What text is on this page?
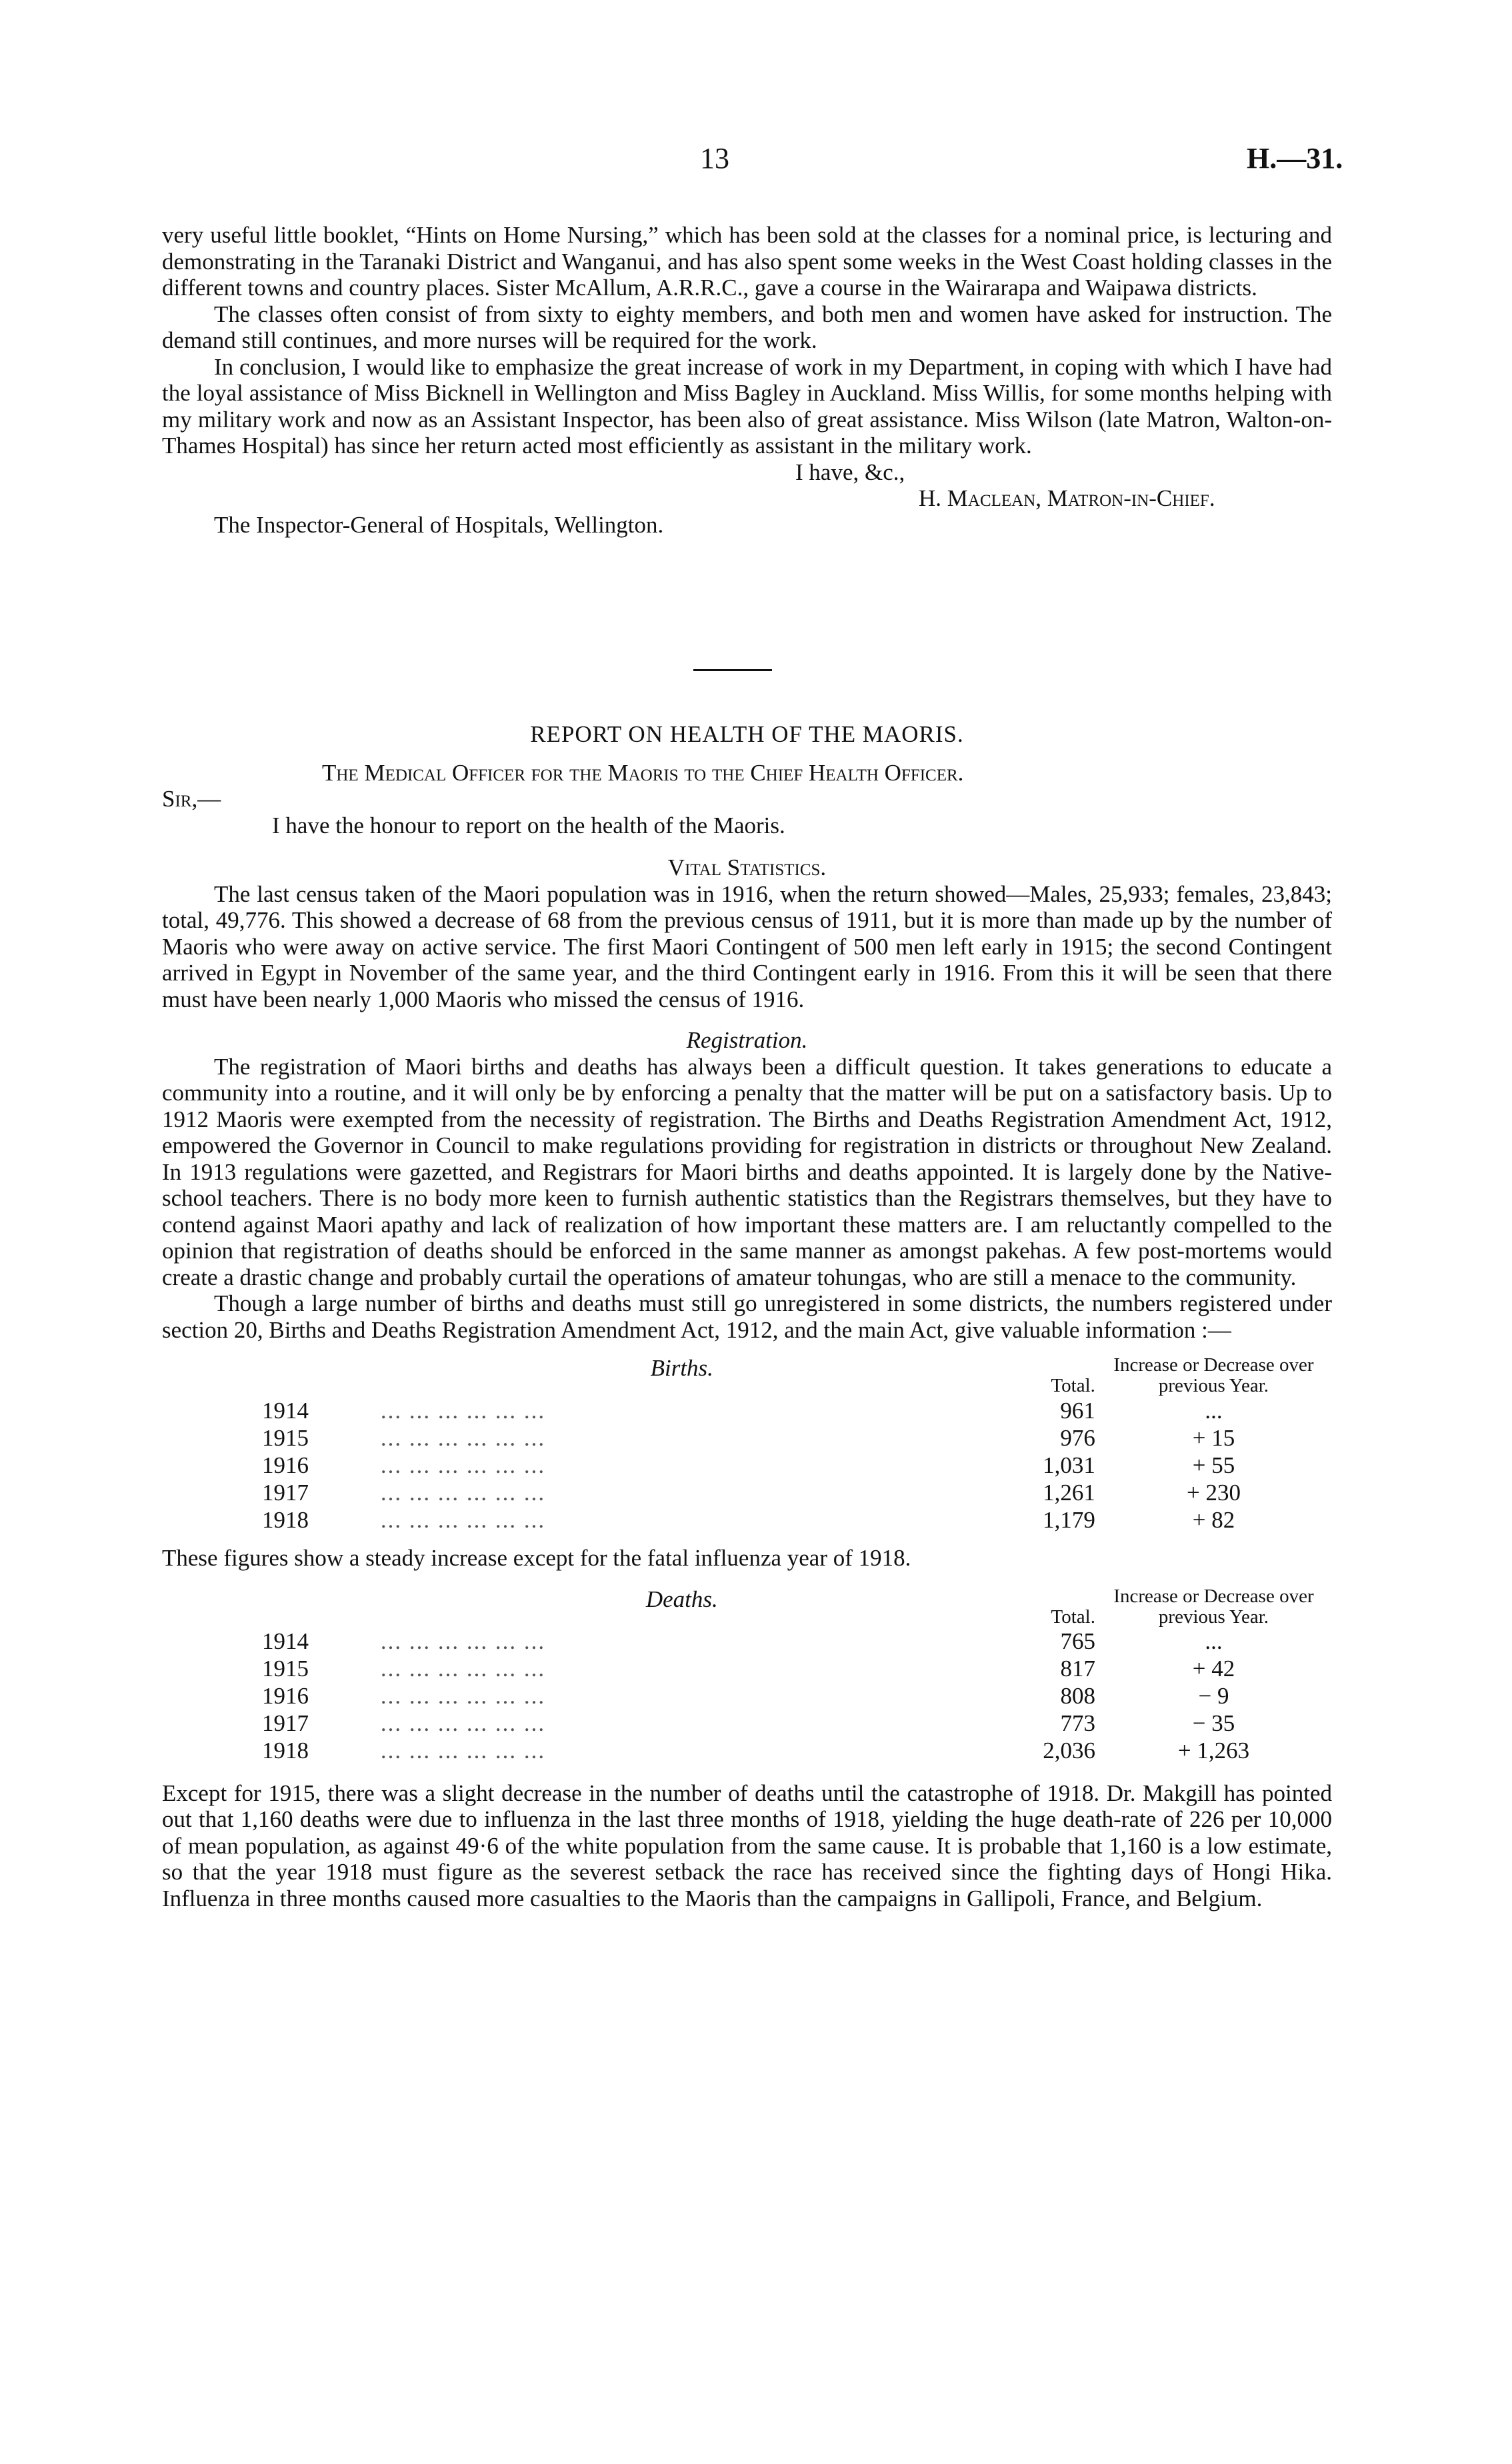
13	H.—31.

very useful little booklet, “Hints on Home Nursing,” which has been sold at the classes for a nominal price, is lecturing and demonstrating in the Taranaki District and Wanganui, and has also spent some weeks in the West Coast holding classes in the different towns and country places. Sister McAllum, A.R.R.C., gave a course in the Wairarapa and Waipawa districts.

The classes often consist of from sixty to eighty members, and both men and women have asked for instruction. The demand still continues, and more nurses will be required for the work.

In conclusion, I would like to emphasize the great increase of work in my Department, in coping with which I have had the loyal assistance of Miss Bicknell in Wellington and Miss Bagley in Auckland. Miss Willis, for some months helping with my military work and now as an Assistant Inspector, has been also of great assistance. Miss Wilson (late Matron, Walton-on-Thames Hospital) has since her return acted most efficiently as assistant in the military work.

I have, &c.,
H. Maclean, Matron-in-Chief.
The Inspector-General of Hospitals, Wellington.
REPORT ON HEALTH OF THE MAORIS.
The Medical Officer for the Maoris to the Chief Health Officer.
Sir,—
I have the honour to report on the health of the Maoris.
Vital Statistics.

The last census taken of the Maori population was in 1916, when the return showed—Males, 25,933; females, 23,843; total, 49,776. This showed a decrease of 68 from the previous census of 1911, but it is more than made up by the number of Maoris who were away on active service. The first Maori Contingent of 500 men left early in 1915; the second Contingent arrived in Egypt in November of the same year, and the third Contingent early in 1916. From this it will be seen that there must have been nearly 1,000 Maoris who missed the census of 1916.

Registration.

The registration of Maori births and deaths has always been a difficult question. It takes generations to educate a community into a routine, and it will only be by enforcing a penalty that the matter will be put on a satisfactory basis. Up to 1912 Maoris were exempted from the necessity of registration. The Births and Deaths Registration Amendment Act, 1912, empowered the Governor in Council to make regulations providing for registration in districts or throughout New Zealand. In 1913 regulations were gazetted, and Registrars for Maori births and deaths appointed. It is largely done by the Native-school teachers. There is no body more keen to furnish authentic statistics than the Registrars themselves, but they have to contend against Maori apathy and lack of realization of how important these matters are. I am reluctantly compelled to the opinion that registration of deaths should be enforced in the same manner as amongst pakehas. A few post-mortems would create a drastic change and probably curtail the operations of amateur tohungas, who are still a menace to the community.

Though a large number of births and deaths must still go unregistered in some districts, the numbers registered under section 20, Births and Deaths Registration Amendment Act, 1912, and the main Act, give valuable information :—

	Births.	Total.	Increase or Decrease over previous Year.
1914	... ... ... ... ... ...	961	...
1915	... ... ... ... ... ...	976	+ 15
1916	... ... ... ... ... ...	1,031	+ 55
1917	... ... ... ... ... ...	1,261	+ 230
1918	... ... ... ... ... ...	1,179	+ 82
These figures show a steady increase except for the fatal influenza year of 1918.
	Deaths.	Total.	Increase or Decrease over previous Year.
1914	... ... ... ... ... ...	765	...
1915	... ... ... ... ... ...	817	+ 42
1916	... ... ... ... ... ...	808	− 9
1917	... ... ... ... ... ...	773	− 35
1918	... ... ... ... ... ...	2,036	+ 1,263

Except for 1915, there was a slight decrease in the number of deaths until the catastrophe of 1918. Dr. Makgill has pointed out that 1,160 deaths were due to influenza in the last three months of 1918, yielding the huge death-rate of 226 per 10,000 of mean population, as against 49·6 of the white population from the same cause. It is probable that 1,160 is a low estimate, so that the year 1918 must figure as the severest setback the race has received since the fighting days of Hongi Hika. Influenza in three months caused more casualties to the Maoris than the campaigns in Gallipoli, France, and Belgium.
